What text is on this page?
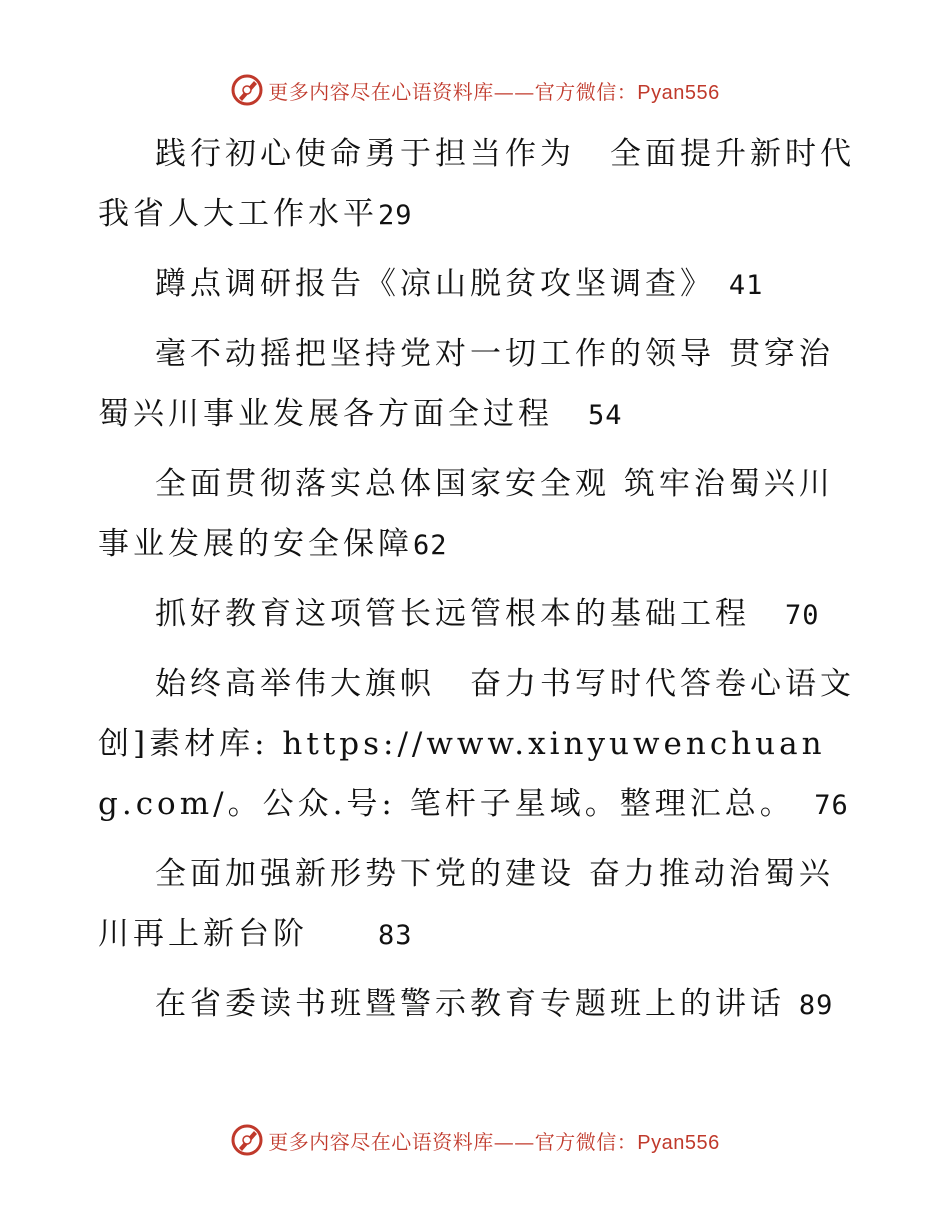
更多内容尽在心语资料库——官方微信：Pyan556
践行初心使命勇于担当作为　全面提升新时代我省人大工作水平29
蹲点调研报告《凉山脱贫攻坚调查》 41
毫不动摇把坚持党对一切工作的领导 贯穿治蜀兴川事业发展各方面全过程　54
全面贯彻落实总体国家安全观 筑牢治蜀兴川事业发展的安全保障62
抓好教育这项管长远管根本的基础工程　70
始终高举伟大旗帜　奋力书写时代答卷心语文创]素材库: https://www.xinyuwenchuang.com/。公众.号: 笔杆子星域。整理汇总。　76
全面加强新形势下党的建设 奋力推动治蜀兴川再上新台阶　　83
在省委读书班暨警示教育专题班上的讲话 89
更多内容尽在心语资料库——官方微信：Pyan556
